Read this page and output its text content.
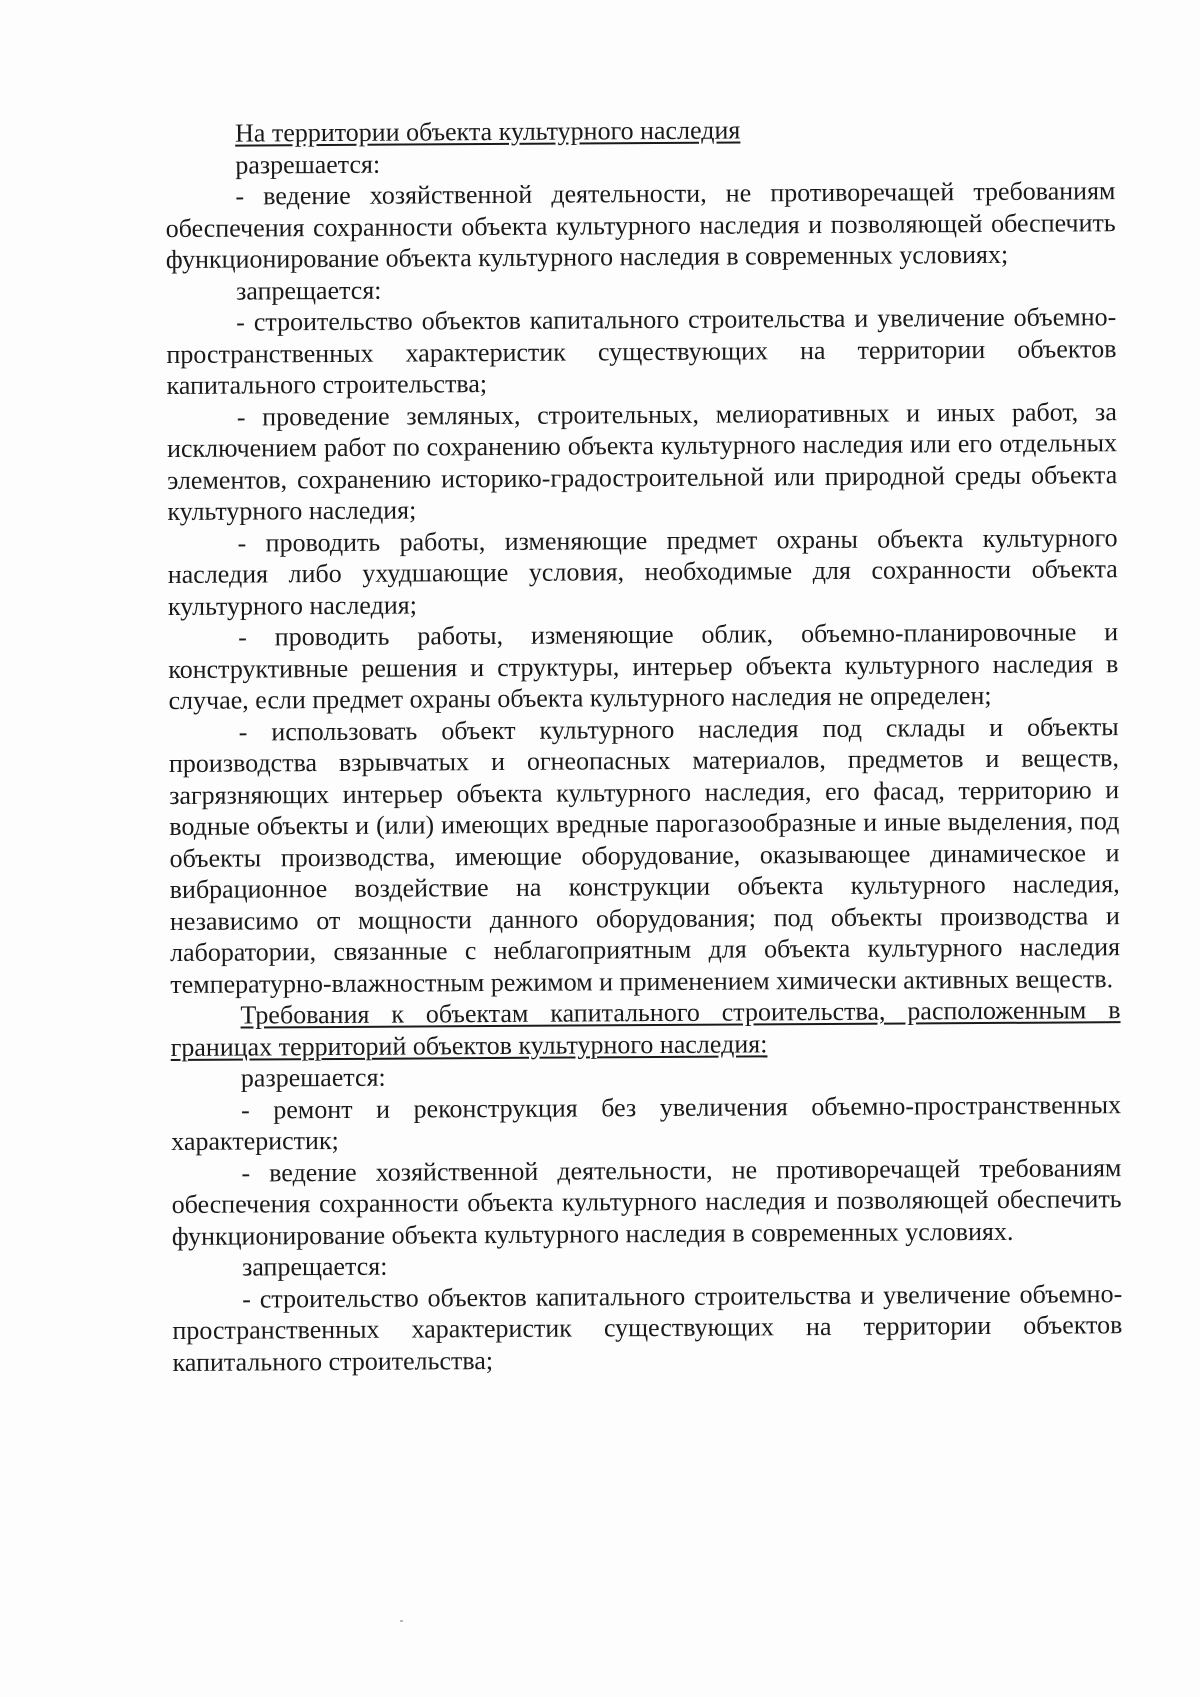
На территории объекта культурного наследия

разрешается:

- ведение хозяйственной деятельности, не противоречащей требованиям обеспечения сохранности объекта культурного наследия и позволяющей обеспечить функционирование объекта культурного наследия в современных условиях;

запрещается:

- строительство объектов капитального строительства и увеличение объемно-пространственных характеристик существующих на территории объектов капитального строительства;

- проведение земляных, строительных, мелиоративных и иных работ, за исключением работ по сохранению объекта культурного наследия или его отдельных элементов, сохранению историко-градостроительной или природной среды объекта культурного наследия;

- проводить работы, изменяющие предмет охраны объекта культурного наследия либо ухудшающие условия, необходимые для сохранности объекта культурного наследия;

- проводить работы, изменяющие облик, объемно-планировочные и конструктивные решения и структуры, интерьер объекта культурного наследия в случае, если предмет охраны объекта культурного наследия не определен;

- использовать объект культурного наследия под склады и объекты производства взрывчатых и огнеопасных материалов, предметов и веществ, загрязняющих интерьер объекта культурного наследия, его фасад, территорию и водные объекты и (или) имеющих вредные парогазообразные и иные выделения, под объекты производства, имеющие оборудование, оказывающее динамическое и вибрационное воздействие на конструкции объекта культурного наследия, независимо от мощности данного оборудования; под объекты производства и лаборатории, связанные с неблагоприятным для объекта культурного наследия температурно-влажностным режимом и применением химически активных веществ.

Требования к объектам капитального строительства, расположенным в границах территорий объектов культурного наследия:

разрешается:

- ремонт и реконструкция без увеличения объемно-пространственных характеристик;

- ведение хозяйственной деятельности, не противоречащей требованиям обеспечения сохранности объекта культурного наследия и позволяющей обеспечить функционирование объекта культурного наследия в современных условиях.

запрещается:

- строительство объектов капитального строительства и увеличение объемно-пространственных характеристик существующих на территории объектов капитального строительства;
